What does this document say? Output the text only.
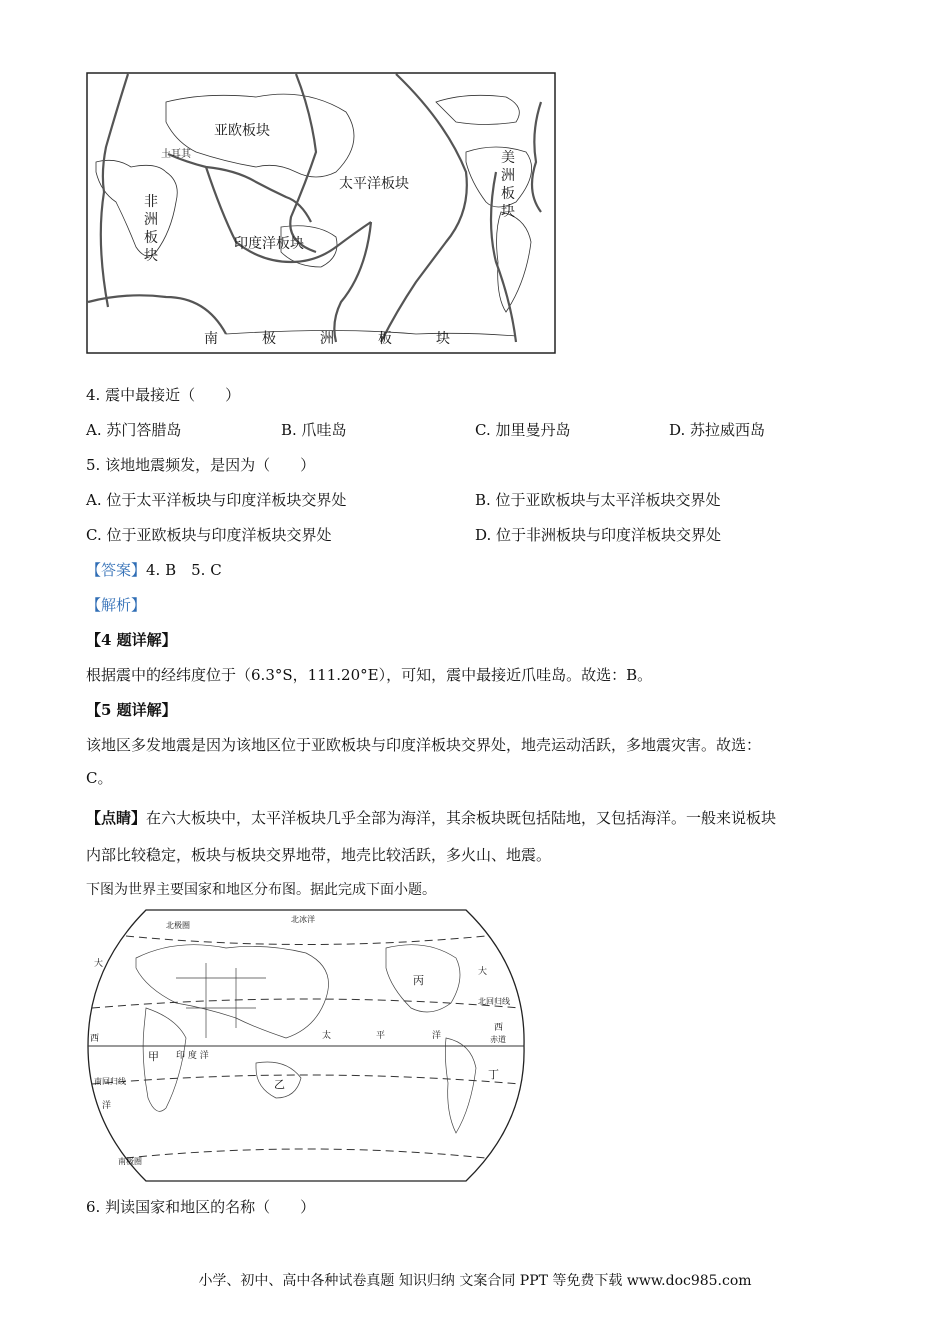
亚欧板块
土耳其
太平洋板块
美
洲
板
块
非
洲
板
块
印度洋板块
南	极	洲	板	块
4. 震中最接近（　　）
A. 苏门答腊岛	B. 爪哇岛	C. 加里曼丹岛	D. 苏拉威西岛
5. 该地地震频发，是因为（　　）
A. 位于太平洋板块与印度洋板块交界处	B. 位于亚欧板块与太平洋板块交界处
C. 位于亚欧板块与印度洋板块交界处	D. 位于非洲板块与印度洋板块交界处
【答案】4. B　5. C
【解析】
【4 题详解】
根据震中的经纬度位于（6.3°S，111.20°E），可知，震中最接近爪哇岛。故选：B。
【5 题详解】
该地区多发地震是因为该地区位于亚欧板块与印度洋板块交界处，地壳运动活跃，多地震灾害。故选：
C。
【点睛】在六大板块中，太平洋板块几乎全部为海洋，其余板块既包括陆地，又包括海洋。一般来说板块
内部比较稳定，板块与板块交界地带，地壳比较活跃，多火山、地震。
下图为世界主要国家和地区分布图。据此完成下面小题。
北冰洋
北极圈
大
大
丙
北回归线
西
西
赤道
太	平	洋
甲 印 度 洋
乙
丁
南回归线
洋
南极圈
6. 判读国家和地区的名称（　　）
小学、初中、高中各种试卷真题 知识归纳 文案合同 PPT 等免费下载 www.doc985.com
